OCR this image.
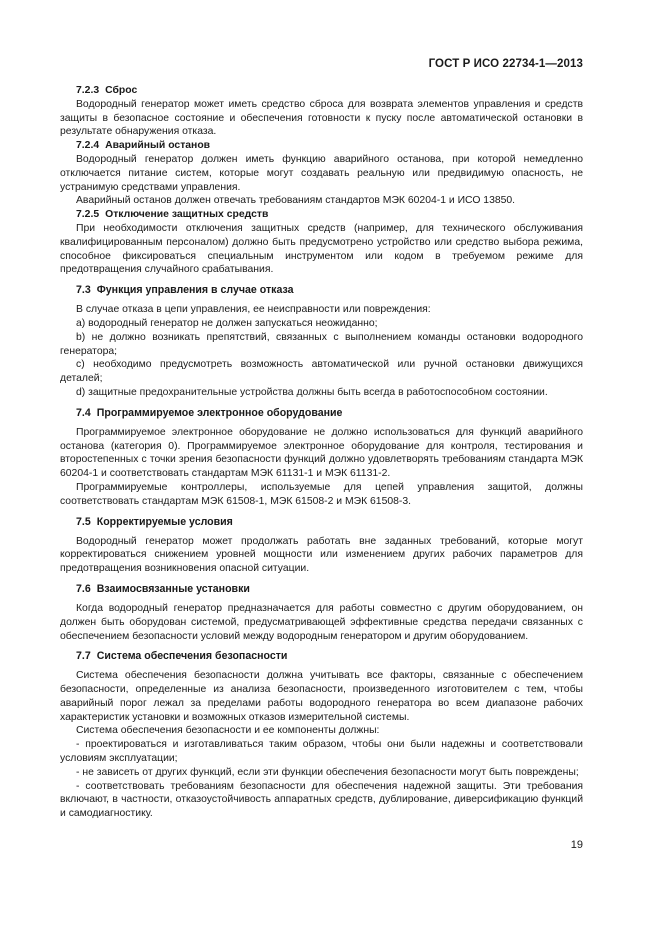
ГОСТ Р ИСО 22734-1—2013
7.2.3 Сброс

Водородный генератор может иметь средство сброса для возврата элементов управления и средств защиты в безопасное состояние и обеспечения готовности к пуску после автоматической остановки в результате обнаружения отказа.

7.2.4 Аварийный останов

Водородный генератор должен иметь функцию аварийного останова, при которой немедленно отключается питание систем, которые могут создавать реальную или предвидимую опасность, не устранимую средствами управления.

Аварийный останов должен отвечать требованиям стандартов МЭК 60204-1 и ИСО 13850.

7.2.5 Отключение защитных средств

При необходимости отключения защитных средств (например, для технического обслуживания квалифицированным персоналом) должно быть предусмотрено устройство или средство выбора режима, способное фиксироваться специальным инструментом или кодом в требуемом режиме для предотвращения случайного срабатывания.

7.3 Функция управления в случае отказа

В случае отказа в цепи управления, ее неисправности или повреждения:

а) водородный генератор не должен запускаться неожиданно;

b) не должно возникать препятствий, связанных с выполнением команды остановки водородного генератора;

с) необходимо предусмотреть возможность автоматической или ручной остановки движущихся деталей;

d) защитные предохранительные устройства должны быть всегда в работоспособном состоянии.

7.4 Программируемое электронное оборудование

Программируемое электронное оборудование не должно использоваться для функций аварийного останова (категория 0). Программируемое электронное оборудование для контроля, тестирования и второстепенных с точки зрения безопасности функций должно удовлетворять требованиям стандарта МЭК 60204-1 и соответствовать стандартам МЭК 61131-1 и МЭК 61131-2.

Программируемые контроллеры, используемые для цепей управления защитой, должны соответствовать стандартам МЭК 61508-1, МЭК 61508-2 и МЭК 61508-3.

7.5 Корректируемые условия

Водородный генератор может продолжать работать вне заданных требований, которые могут корректироваться снижением уровней мощности или изменением других рабочих параметров для предотвращения возникновения опасной ситуации.

7.6 Взаимосвязанные установки

Когда водородный генератор предназначается для работы совместно с другим оборудованием, он должен быть оборудован системой, предусматривающей эффективные средства передачи связанных с обеспечением безопасности условий между водородным генератором и другим оборудованием.

7.7 Система обеспечения безопасности

Система обеспечения безопасности должна учитывать все факторы, связанные с обеспечением безопасности, определенные из анализа безопасности, произведенного изготовителем с тем, чтобы аварийный порог лежал за пределами работы водородного генератора во всем диапазоне рабочих характеристик установки и возможных отказов измерительной системы.

Система обеспечения безопасности и ее компоненты должны:

- проектироваться и изготавливаться таким образом, чтобы они были надежны и соответствовали условиям эксплуатации;

- не зависеть от других функций, если эти функции обеспечения безопасности могут быть повреждены;

- соответствовать требованиям безопасности для обеспечения надежной защиты. Эти требования включают, в частности, отказоустойчивость аппаратных средств, дублирование, диверсификацию функций и самодиагностику.

19
